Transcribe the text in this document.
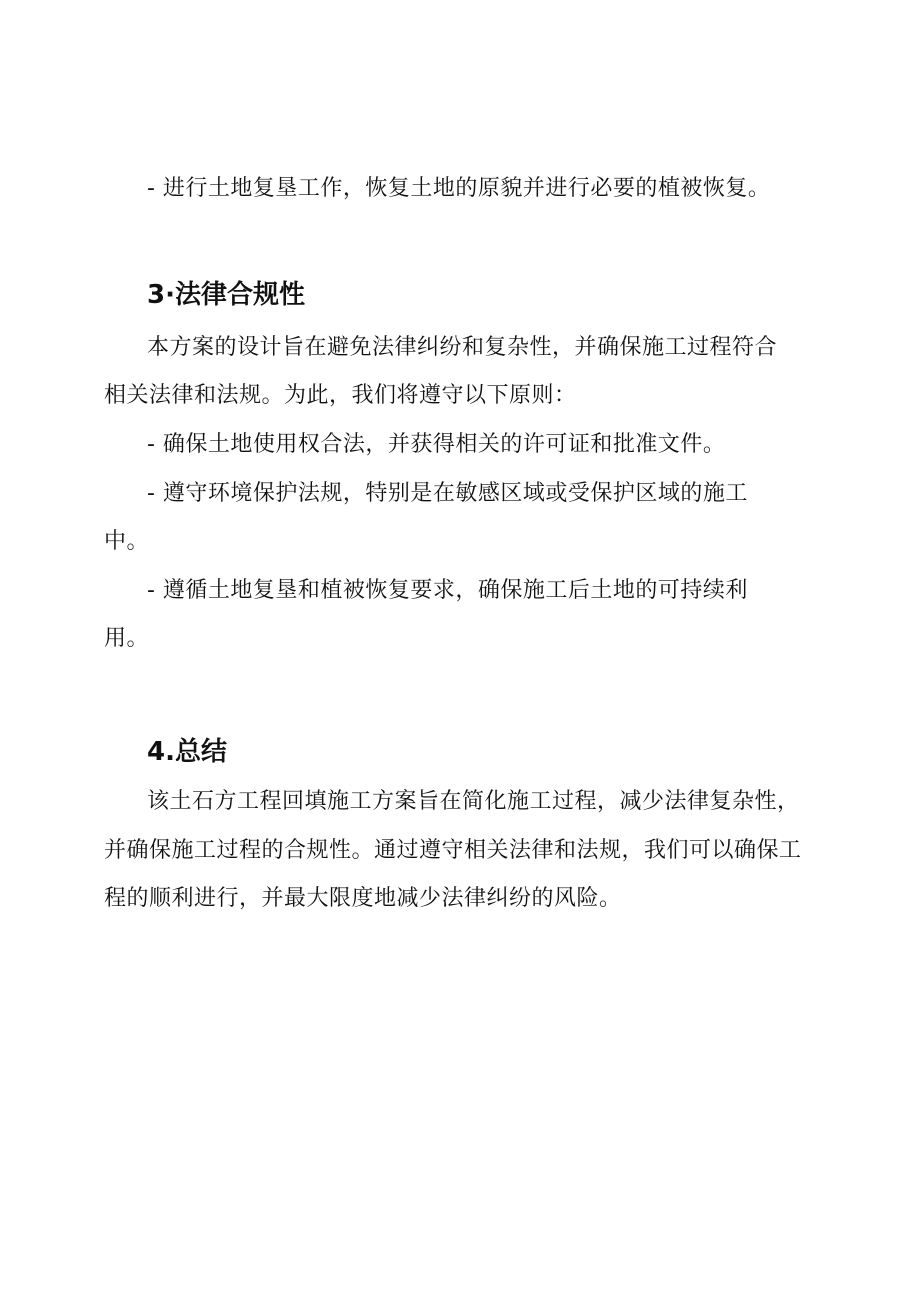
- 进行土地复垦工作，恢复土地的原貌并进行必要的植被恢复。
3·法律合规性
本方案的设计旨在避免法律纠纷和复杂性，并确保施工过程符合
相关法律和法规。为此，我们将遵守以下原则：
- 确保土地使用权合法，并获得相关的许可证和批准文件。
- 遵守环境保护法规，特别是在敏感区域或受保护区域的施工
中。
- 遵循土地复垦和植被恢复要求，确保施工后土地的可持续利
用。
4.总结
该土石方工程回填施工方案旨在简化施工过程，减少法律复杂性，
并确保施工过程的合规性。通过遵守相关法律和法规，我们可以确保工
程的顺利进行，并最大限度地减少法律纠纷的风险。
